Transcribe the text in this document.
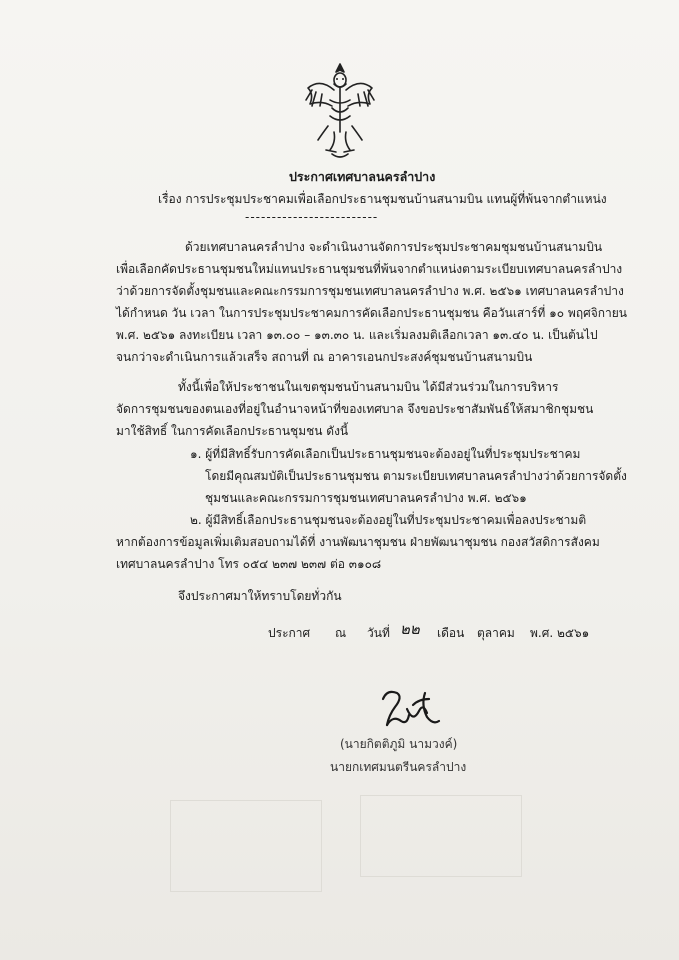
ประกาศเทศบาลนครลำปาง
เรื่อง การประชุมประชาคมเพื่อเลือกประธานชุมชนบ้านสนามบิน แทนผู้ที่พ้นจากตำแหน่ง
-------------------------
ด้วยเทศบาลนครลำปาง จะดำเนินงานจัดการประชุมประชาคมชุมชนบ้านสนามบิน
เพื่อเลือกคัดประธานชุมชนใหม่แทนประธานชุมชนที่พ้นจากตำแหน่งตามระเบียบเทศบาลนครลำปาง
ว่าด้วยการจัดตั้งชุมชนและคณะกรรมการชุมชนเทศบาลนครลำปาง พ.ศ. ๒๕๖๑ เทศบาลนครลำปาง
ได้กำหนด วัน เวลา ในการประชุมประชาคมการคัดเลือกประธานชุมชน คือวันเสาร์ที่ ๑๐ พฤศจิกายน
พ.ศ. ๒๕๖๑ ลงทะเบียน เวลา ๑๓.๐๐ – ๑๓.๓๐ น. และเริ่มลงมติเลือกเวลา ๑๓.๔๐ น. เป็นต้นไป
จนกว่าจะดำเนินการแล้วเสร็จ สถานที่ ณ อาคารเอนกประสงค์ชุมชนบ้านสนามบิน
ทั้งนี้เพื่อให้ประชาชนในเขตชุมชนบ้านสนามบิน ได้มีส่วนร่วมในการบริหาร
จัดการชุมชนของตนเองที่อยู่ในอำนาจหน้าที่ของเทศบาล จึงขอประชาสัมพันธ์ให้สมาชิกชุมชน
มาใช้สิทธิ์ ในการคัดเลือกประธานชุมชน ดังนี้
๑. ผู้ที่มีสิทธิ์รับการคัดเลือกเป็นประธานชุมชนจะต้องอยู่ในที่ประชุมประชาคม
โดยมีคุณสมบัติเป็นประธานชุมชน ตามระเบียบเทศบาลนครลำปางว่าด้วยการจัดตั้ง
ชุมชนและคณะกรรมการชุมชนเทศบาลนครลำปาง พ.ศ. ๒๕๖๑
๒. ผู้มีสิทธิ์เลือกประธานชุมชนจะต้องอยู่ในที่ประชุมประชาคมเพื่อลงประชามติ
หากต้องการข้อมูลเพิ่มเติมสอบถามได้ที่ งานพัฒนาชุมชน ฝ่ายพัฒนาชุมชน กองสวัสดิการสังคม
เทศบาลนครลำปาง โทร ๐๕๔ ๒๓๗ ๒๓๗ ต่อ ๓๑๐๘
จึงประกาศมาให้ทราบโดยทั่วกัน
ประกาศ ณ วันที่ ๒๒ เดือน ตุลาคม พ.ศ. ๒๕๖๑
(นายกิตติภูมิ นามวงค์)
นายกเทศมนตรีนครลำปาง
